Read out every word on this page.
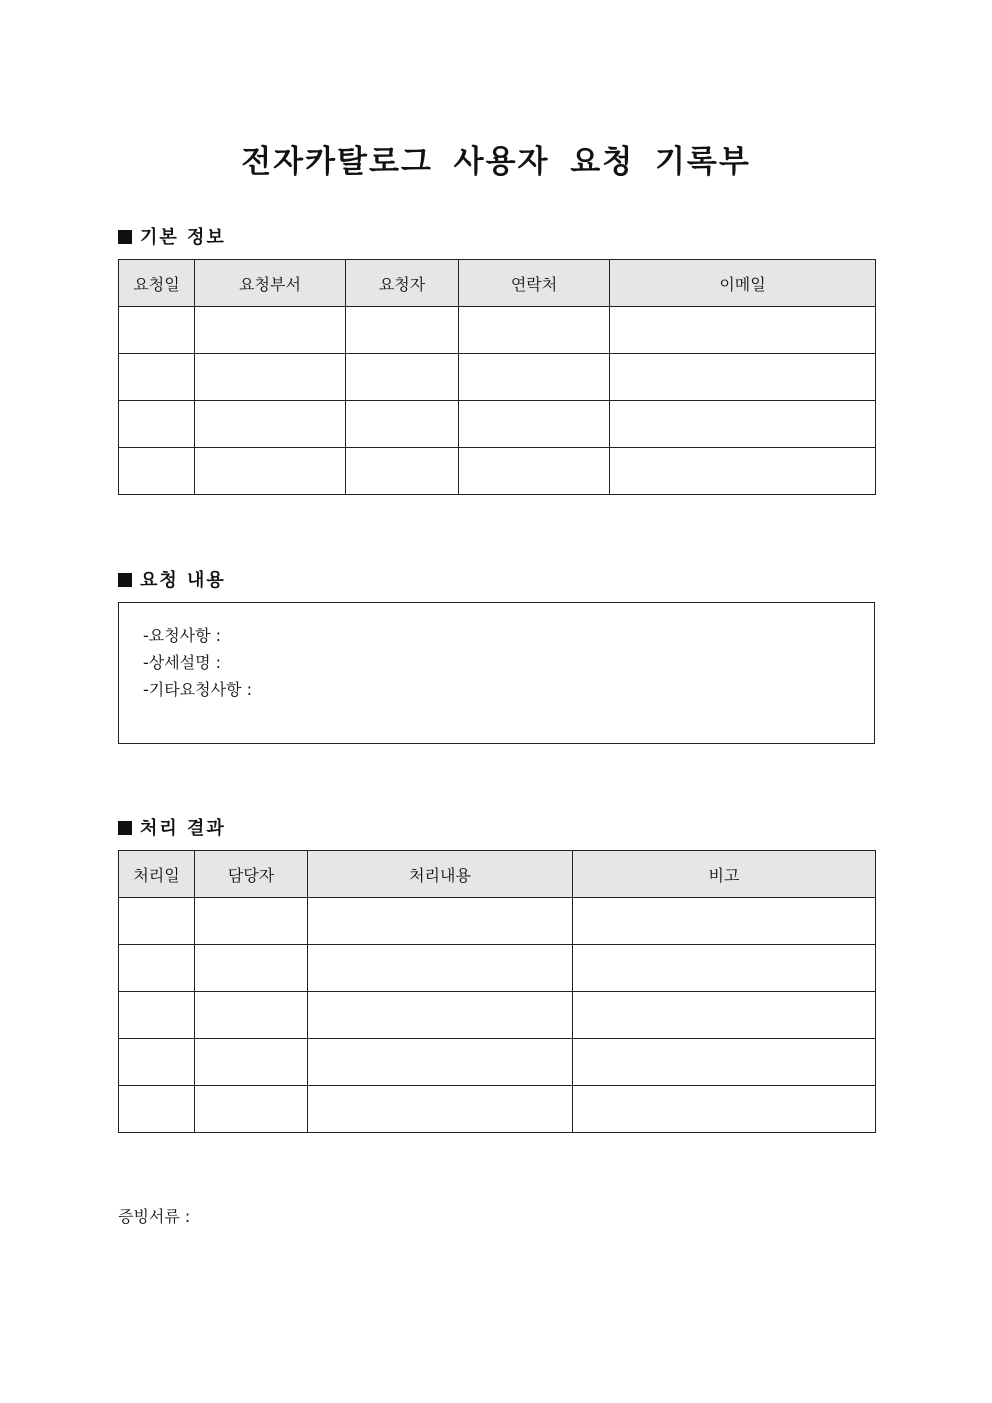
전자카탈로그 사용자 요청 기록부
기본 정보
요청일	요청부서	요청자	연락처	이메일

요청 내용
-요청사항 :
-상세설명 :
-기타요청사항 :
처리 결과
처리일	담당자	처리내용	비고

증빙서류 :
